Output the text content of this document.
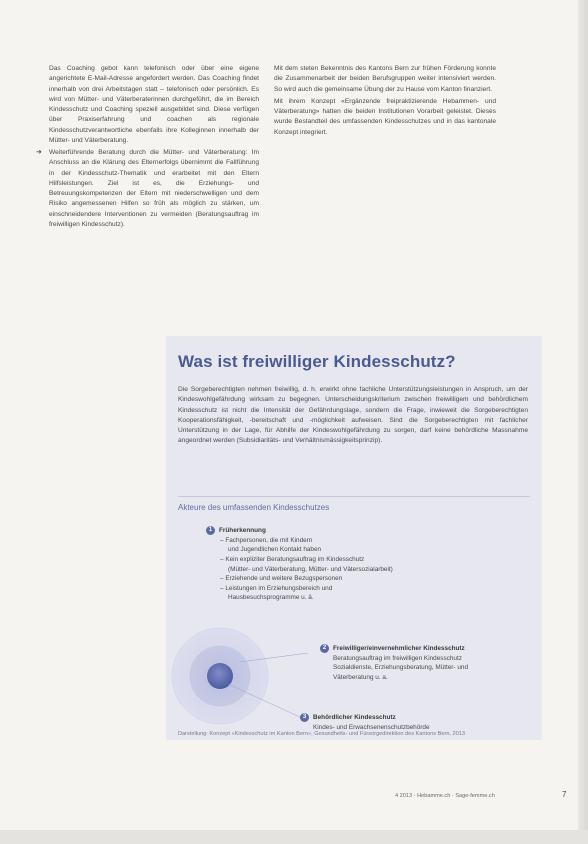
Das Coaching gebot kann telefonisch oder über eine eigene angerichtete E-Mail-Adresse angefordert werden. Das Coaching findet innerhalb von drei Arbeitstagen statt – telefonisch oder persönlich. Es wird von Mütter- und Väterberaterinnen durchgeführt, die im Bereich Kindesschutz und Coaching speziell ausgebildet sind. Diese verfügen über Praxiserfahrung und coachen als regionale Kindesschutzverantwortliche ebenfalls ihre Kolleginnen innerhalb der Mütter- und Väterberatung.

➜ Weiterführende Beratung durch die Mütter- und Väterberatung: Im Anschluss an die Klärung des Elternerfolgs übernimmt die Fallführung in der Kindesschutz-Thematik und erarbeitet mit den Eltern Hilfsleistungen. Ziel ist es, die Erziehungs- und Betreuungskompetenzen der Eltern mit niederschwelligen und dem Risiko angemessenen Hilfen so früh als möglich zu stärken, um einschneidendere Interventionen zu vermeiden (Beratungsauftrag im freiwilligen Kindesschutz).

Mit dem steten Bekenntnis des Kantons Bern zur frühen Förderung konnte die Zusammenarbeit der beiden Berufsgruppen weiter intensiviert werden. So wird auch die gemeinsame Übung der zu Hause vom Kanton finanziert.

Mit ihrem Konzept «Ergänzende freipraktizierende Hebammen- und Väterberatung» hatten die beiden Institutionen Vorarbeit geleistet. Dieses wurde Bestandteil des umfassenden Kindesschutzes und in das kantonale Konzept integriert.

Was ist freiwilliger Kindesschutz?
Die Sorgeberechtigten nehmen freiwillig, d. h. erwirkt ohne fachliche Unterstützungsleistungen in Anspruch, um der Kindeswohlgefährdung wirksam zu begegnen. Unterscheidungskriterium zwischen freiwilligem und behördlichem Kindesschutz ist nicht die Intensität der Gefährdungslage, sondern die Frage, inwieweit die Sorgeberechtigten Kooperationsfähigkeit, -bereitschaft und -möglichkeit aufweisen. Sind die Sorgeberechtigten mit fachlicher Unterstützung in der Lage, für Abhilfe der Kindeswohlgefährdung zu sorgen, darf keine behördliche Massnahme angeordnet werden (Subsidiaritäts- und Verhältnismässigkeitsprinzip).
Akteure des umfassenden Kindesschutzes
1 Früherkennung
– Fachpersonen, die mit Kindern
und Jugendlichen Kontakt haben
– Kein expliziter Beratungsauftrag im Kindesschutz
(Mütter- und Väterberatung, Mütter- und Vätersozialarbeit)
– Erziehende und weitere Bezugspersonen
– Leistungen im Erziehungsbereich und
Hausbesuchsprogramme u. ä.
2 Freiwilliger/einvernehmlicher Kindesschutz
Beratungsauftrag im freiwilligen Kindesschutz
Sozialdienste, Erziehungsberatung, Mütter- und
Väterberatung u. a.
3 Behördlicher Kindesschutz
Kindes- und Erwachsenenschutzbehörde
Darstellung: Konzept «Kindesschutz im Kanton Bern», Gesundheits- und Fürsorgedirektion des Kantons Bern, 2013
4 2013 · Hebamme.ch · Sage-femme.ch	7
